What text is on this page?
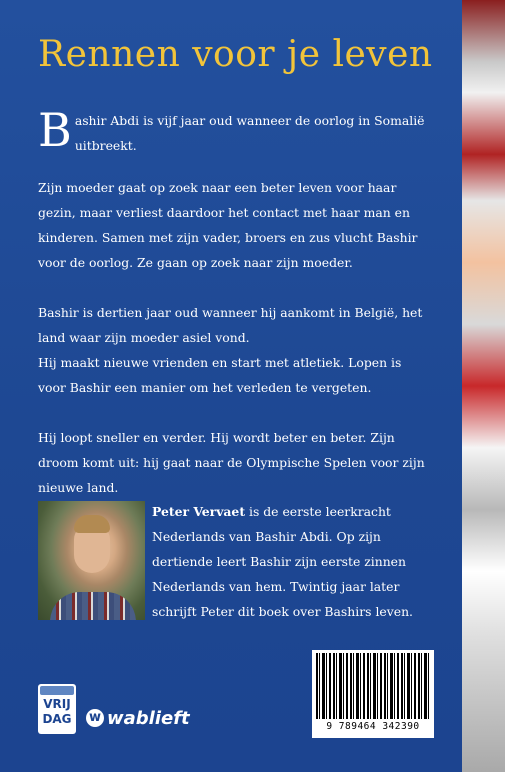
Rennen voor je leven
Bashir Abdi is vijf jaar oud wanneer de oorlog in Somalië uitbreekt.
Zijn moeder gaat op zoek naar een beter leven voor haar gezin, maar verliest daardoor het contact met haar man en kinderen. Samen met zijn vader, broers en zus vlucht Bashir voor de oorlog. Ze gaan op zoek naar zijn moeder.
Bashir is dertien jaar oud wanneer hij aankomt in België, het land waar zijn moeder asiel vond.
Hij maakt nieuwe vrienden en start met atletiek. Lopen is voor Bashir een manier om het verleden te vergeten.
Hij loopt sneller en verder. Hij wordt beter en beter. Zijn droom komt uit: hij gaat naar de Olympische Spelen voor zijn nieuwe land.
Peter Vervaet is de eerste leerkracht Nederlands van Bashir Abdi. Op zijn dertiende leert Bashir zijn eerste zinnen Nederlands van hem. Twintig jaar later schrijft Peter dit boek over Bashirs leven.
VRIJ
DAG	w wablieft	9 789464 342390
